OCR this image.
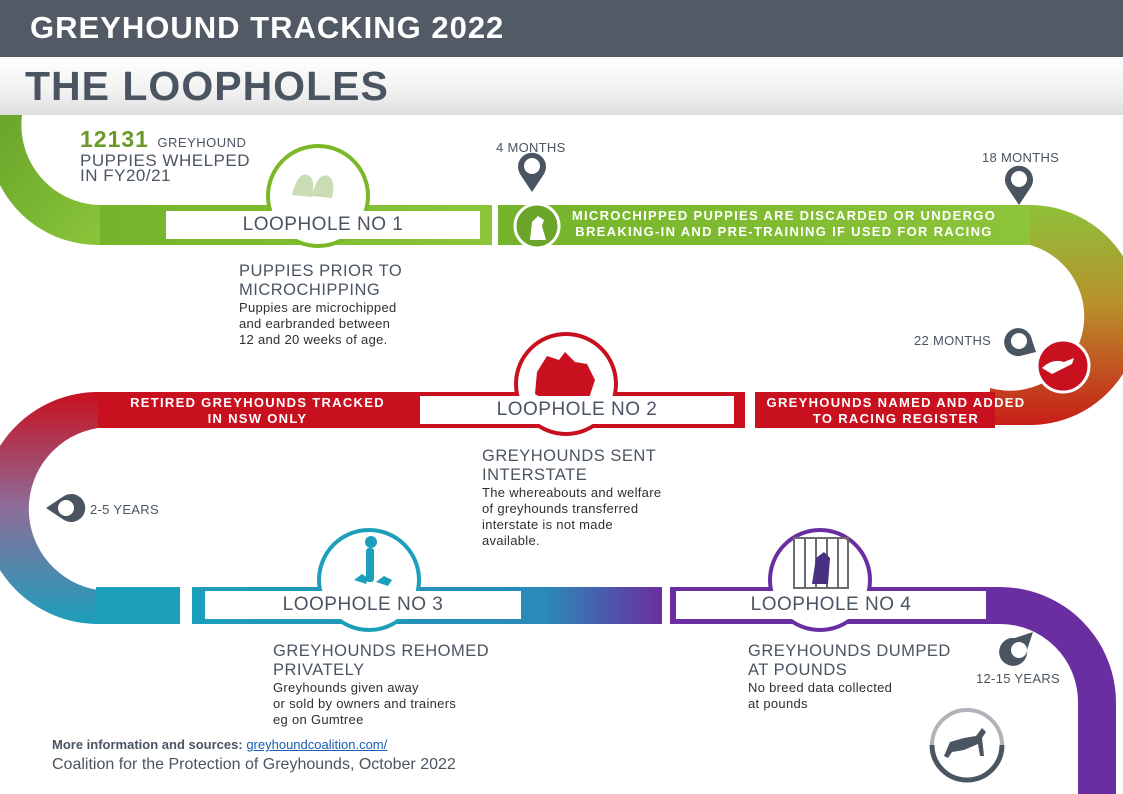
GREYHOUND TRACKING 2022
THE LOOPHOLES
12131 GREYHOUND
PUPPIES WHELPED
IN FY20/21
4 MONTHS
18 MONTHS
22 MONTHS
2-5 YEARS
12-15 YEARS
MICROCHIPPED PUPPIES ARE DISCARDED OR UNDERGO
BREAKING-IN AND PRE-TRAINING IF USED FOR RACING
GREYHOUNDS NAMED AND ADDED
TO RACING REGISTER
RETIRED GREYHOUNDS TRACKED
IN NSW ONLY
LOOPHOLE NO 1
LOOPHOLE NO 2
LOOPHOLE NO 3	LOOPHOLE NO 4
PUPPIES PRIOR TO
MICROCHIPPING
Puppies are microchipped
and earbranded between
12 and 20 weeks of age.
GREYHOUNDS SENT
INTERSTATE
The whereabouts and welfare
of greyhounds transferred
interstate is not made
available.
GREYHOUNDS REHOMED
PRIVATELY
Greyhounds given away
or sold by owners and trainers
eg on Gumtree
GREYHOUNDS DUMPED
AT POUNDS
No breed data collected
at pounds
More information and sources: greyhoundcoalition.com/
Coalition for the Protection of Greyhounds, October 2022
